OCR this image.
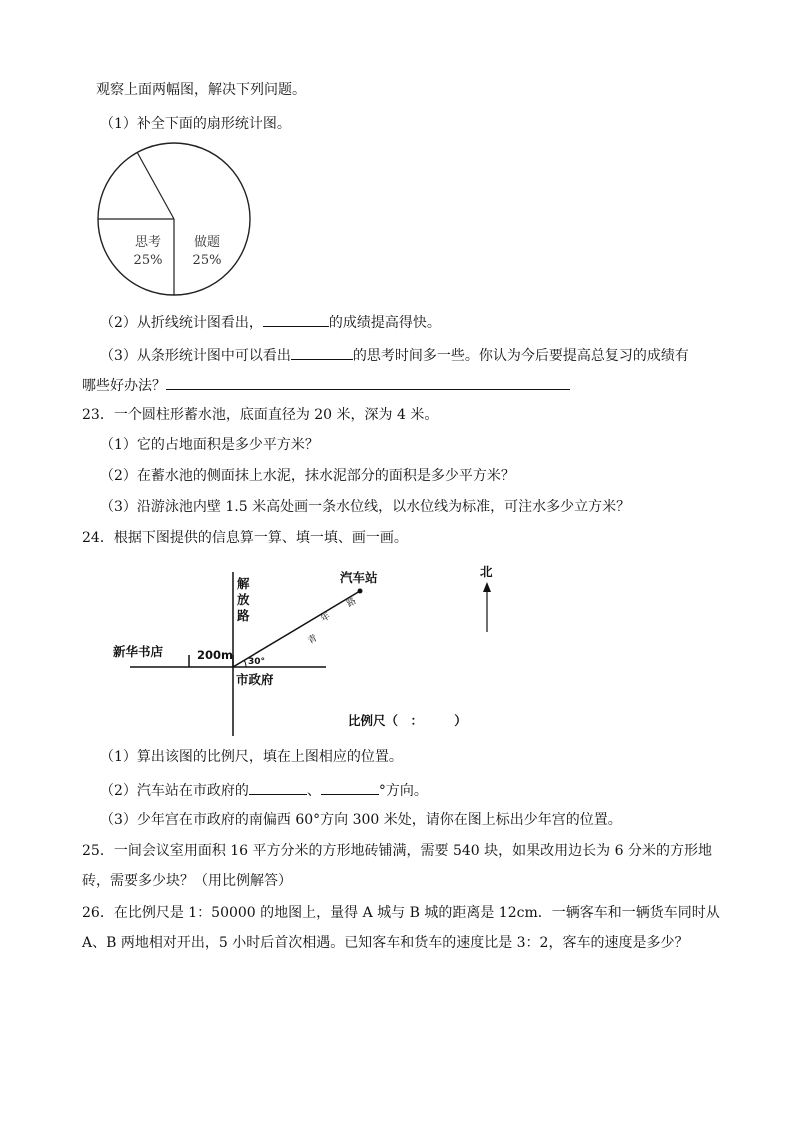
观察上面两幅图，解决下列问题。
（1）补全下面的扇形统计图。
思考
25%
做题
25%
（2）从折线统计图看出，	的成绩提高得快。
（3）从条形统计图中可以看出	的思考时间多一些。你认为今后要提高总复习的成绩有
哪些好办法？
23．一个圆柱形蓄水池，底面直径为 20 米，深为 4 米。
（1）它的占地面积是多少平方米？
（2）在蓄水池的侧面抹上水泥，抹水泥部分的面积是多少平方米？
（3）沿游泳池内壁 1.5 米高处画一条水位线，以水位线为标准，可注水多少立方米？
24．根据下图提供的信息算一算、填一填、画一画。
解
放
路
200m
新华书店
汽车站
青
年
路
30°
市政府
北
比例尺（　：　　　）
（1）算出该图的比例尺，填在上图相应的位置。
（2）汽车站在市政府的	、	°方向。
（3）少年宫在市政府的南偏西 60°方向 300 米处，请你在图上标出少年宫的位置。
25．一间会议室用面积 16 平方分米的方形地砖铺满，需要 540 块，如果改用边长为 6 分米的方形地
砖，需要多少块？（用比例解答）
26．在比例尺是 1：50000 的地图上，量得 A 城与 B 城的距离是 12cm．一辆客车和一辆货车同时从
A、B 两地相对开出，5 小时后首次相遇。已知客车和货车的速度比是 3：2，客车的速度是多少？
